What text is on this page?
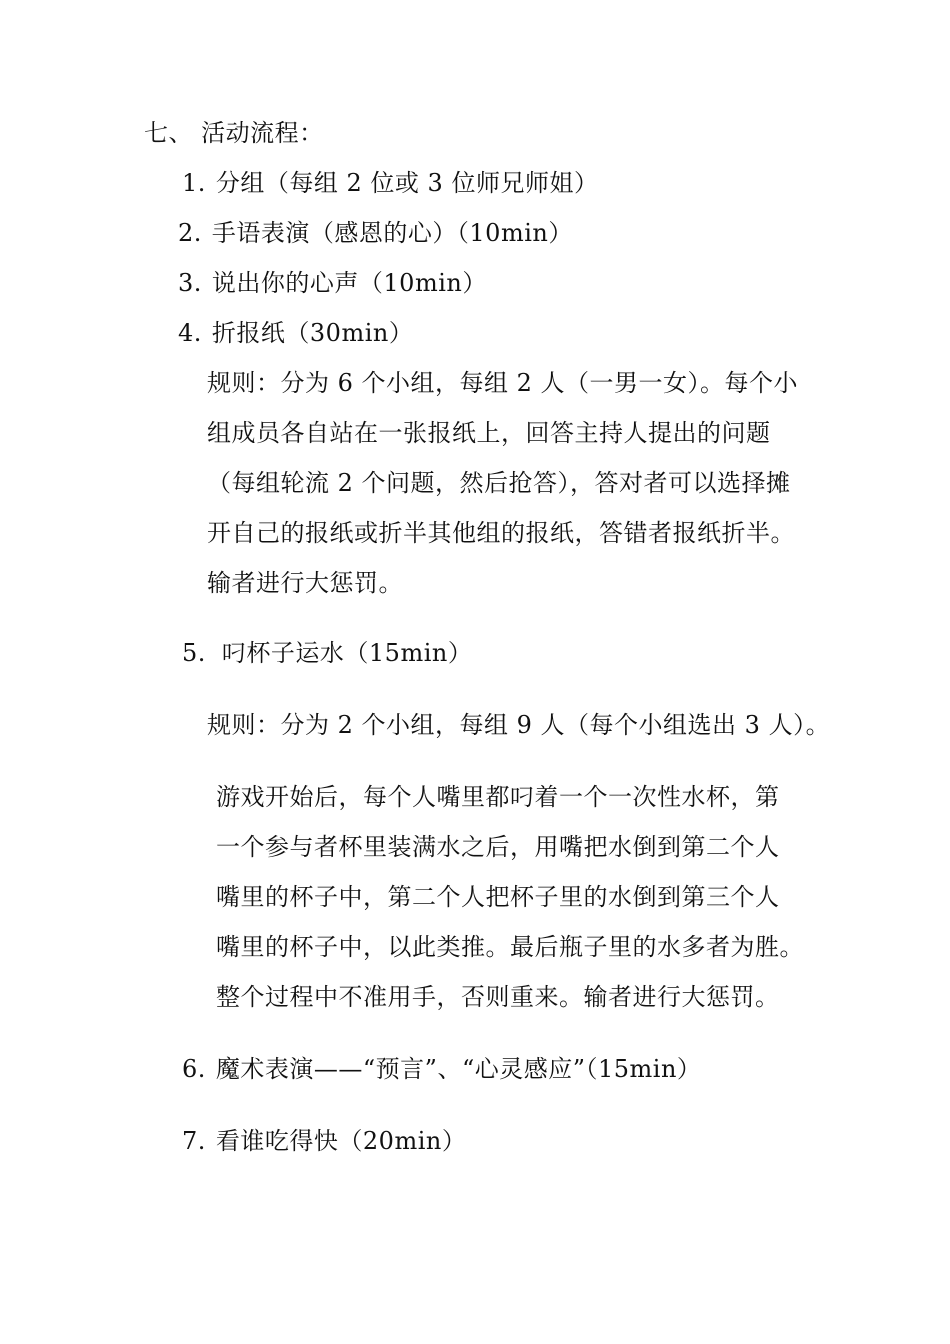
七、 活动流程：
1. 分组（每组 2 位或 3 位师兄师姐）
2. 手语表演（感恩的心）（10min）
3. 说出你的心声（10min）
4. 折报纸（30min）
规则：分为 6 个小组，每组 2 人（一男一女）。每个小
组成员各自站在一张报纸上，回答主持人提出的问题
（每组轮流 2 个问题，然后抢答），答对者可以选择摊
开自己的报纸或折半其他组的报纸，答错者报纸折半。
输者进行大惩罚。
5. 叼杯子运水（15min）
规则：分为 2 个小组，每组 9 人（每个小组选出 3 人）。
游戏开始后，每个人嘴里都叼着一个一次性水杯，第
一个参与者杯里装满水之后，用嘴把水倒到第二个人
嘴里的杯子中，第二个人把杯子里的水倒到第三个人
嘴里的杯子中，以此类推。最后瓶子里的水多者为胜。
整个过程中不准用手，否则重来。输者进行大惩罚。
6. 魔术表演——“预言”、“心灵感应”（15min）
7. 看谁吃得快（20min）
